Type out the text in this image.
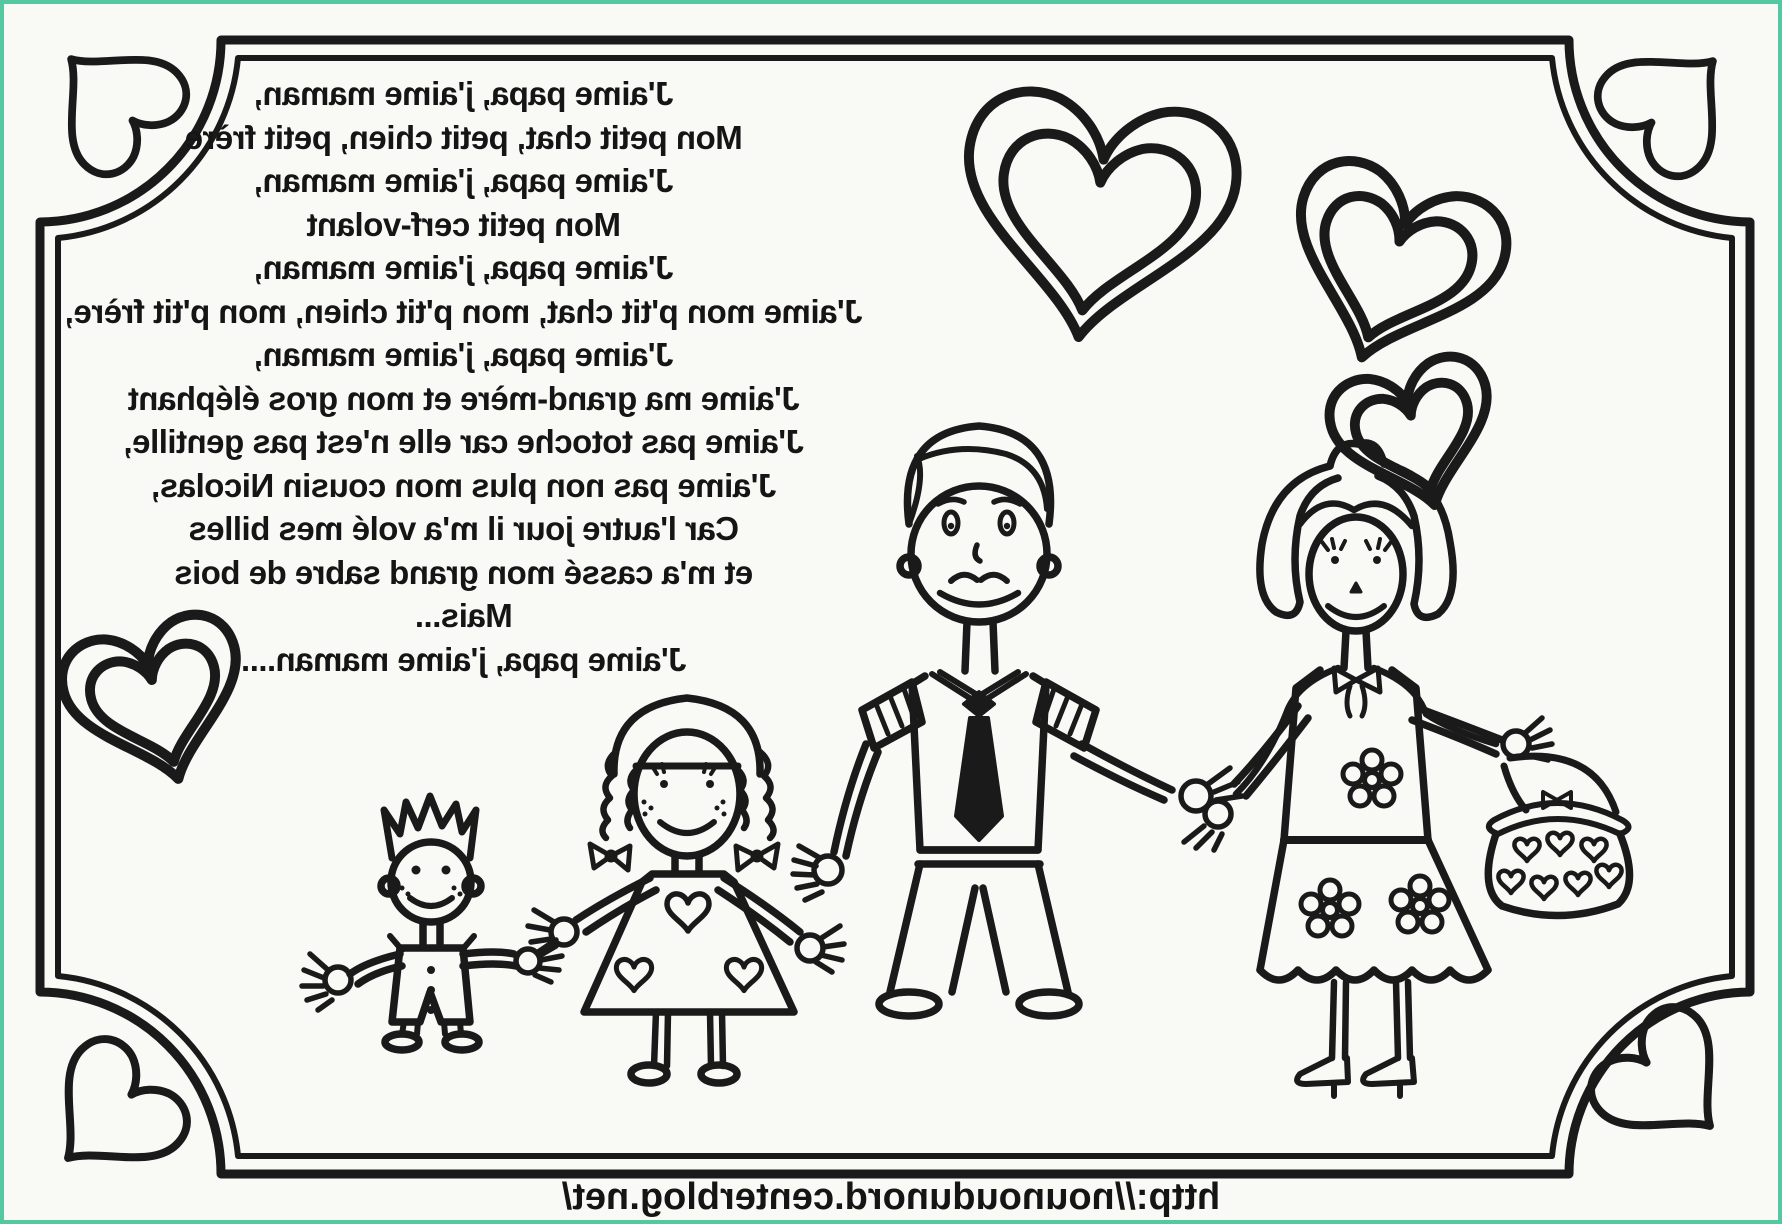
J'aime papa, j'aime maman,
Mon petit chat, petit chien, petit frère
J'aime papa, j'aime maman,
Mon petit cerf-volant
J'aime papa, j'aime maman,
J'aime mon p'tit chat, mon p'tit chien, mon p'tit frère,
J'aime papa, j'aime maman,
J'aime ma grand-mère et mon gros éléphant
J'aime pas totoche car elle n'est pas gentille,
J'aime pas non plus mon cousin Nicolas,
Car l'autre jour il m'a volé mes billes
et m'a cassé mon grand sabre de bois
Mais...
J'aime papa, j'aime maman....
http://nounoudunord.centerblog.net/
